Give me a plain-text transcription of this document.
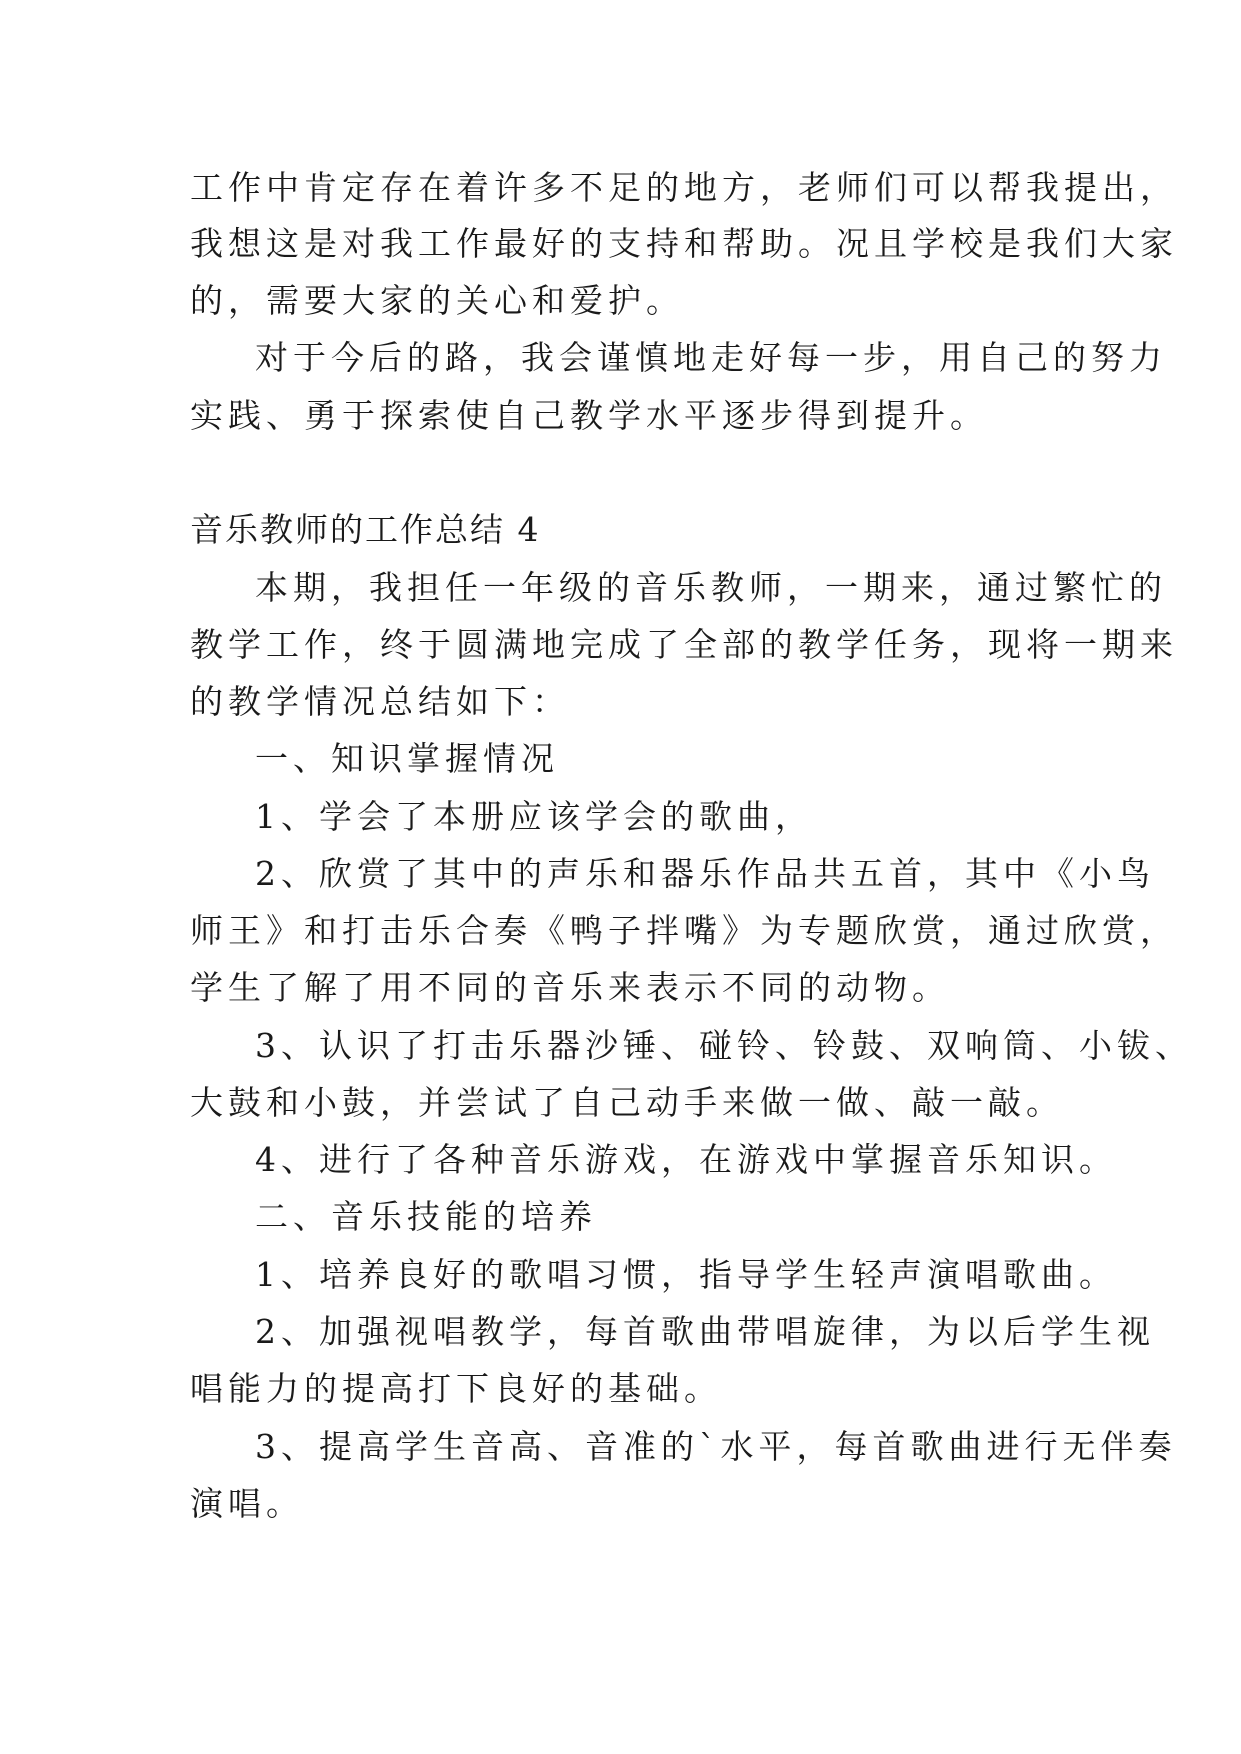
工作中肯定存在着许多不足的地方，老师们可以帮我提出，
我想这是对我工作最好的支持和帮助。况且学校是我们大家
的，需要大家的关心和爱护。
对于今后的路，我会谨慎地走好每一步，用自己的努力
实践、勇于探索使自己教学水平逐步得到提升。
音乐教师的工作总结 4
本期，我担任一年级的音乐教师，一期来，通过繁忙的
教学工作，终于圆满地完成了全部的教学任务，现将一期来
的教学情况总结如下：
一、知识掌握情况
1、学会了本册应该学会的歌曲，
2、欣赏了其中的声乐和器乐作品共五首，其中《小鸟
师王》和打击乐合奏《鸭子拌嘴》为专题欣赏，通过欣赏，
学生了解了用不同的音乐来表示不同的动物。
3、认识了打击乐器沙锤、碰铃、铃鼓、双响筒、小钹、
大鼓和小鼓，并尝试了自己动手来做一做、敲一敲。
4、进行了各种音乐游戏，在游戏中掌握音乐知识。
二、音乐技能的培养
1、培养良好的歌唱习惯，指导学生轻声演唱歌曲。
2、加强视唱教学，每首歌曲带唱旋律，为以后学生视
唱能力的提高打下良好的基础。
3、提高学生音高、音准的`水平，每首歌曲进行无伴奏
演唱。
